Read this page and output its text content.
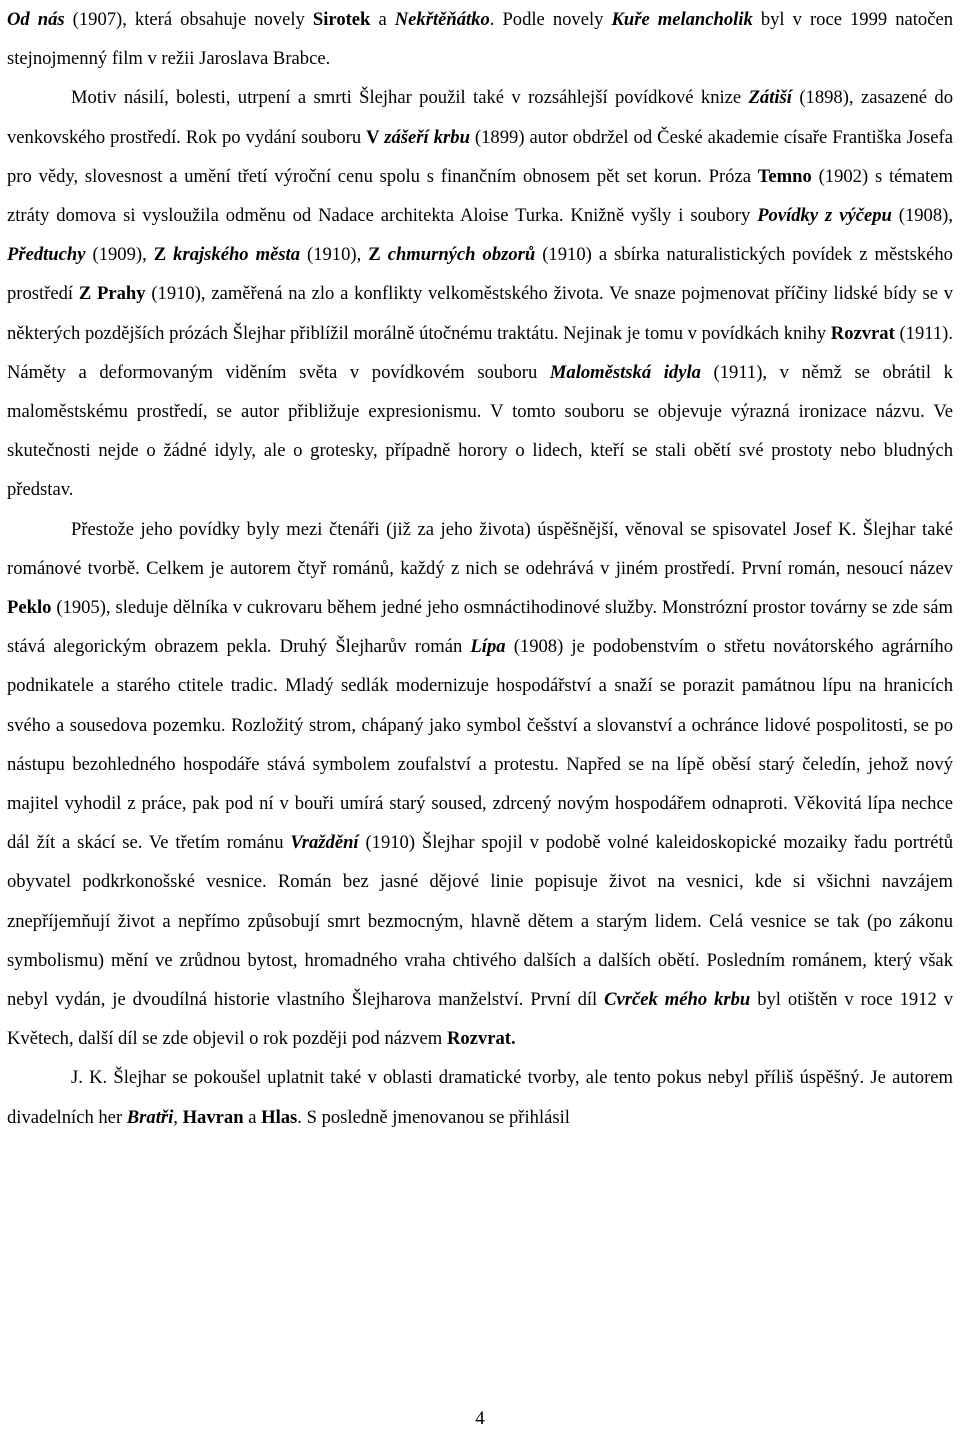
Od nás (1907), která obsahuje novely Sirotek a Nekřtěňátko. Podle novely Kuře melancholik byl v roce 1999 natočen stejnojmenný film v režii Jaroslava Brabce.

Motiv násilí, bolesti, utrpení a smrti Šlejhar použil také v rozsáhlejší povídkové knize Zátiší (1898), zasazené do venkovského prostředí. Rok po vydání souboru V zášeří krbu (1899) autor obdržel od České akademie císaře Františka Josefa pro vědy, slovesnost a umění třetí výroční cenu spolu s finančním obnosem pět set korun. Próza Temno (1902) s tématem ztráty domova si vysloužila odměnu od Nadace architekta Aloise Turka. Knižně vyšly i soubory Povídky z výčepu (1908), Předtuchy (1909), Z krajského města (1910), Z chmurných obzorů (1910) a sbírka naturalistických povídek z městského prostředí Z Prahy (1910), zaměřená na zlo a konflikty velkoměstského života. Ve snaze pojmenovat příčiny lidské bídy se v některých pozdějších prózách Šlejhar přiblížil morálně útočnému traktátu. Nejinak je tomu v povídkách knihy Rozvrat (1911). Náměty a deformovaným viděním světa v povídkovém souboru Maloměstská idyla (1911), v němž se obrátil k maloměstskému prostředí, se autor přibližuje expresionismu. V tomto souboru se objevuje výrazná ironizace názvu. Ve skutečnosti nejde o žádné idyly, ale o grotesky, případně horory o lidech, kteří se stali obětí své prostoty nebo bludných představ.

Přestože jeho povídky byly mezi čtenáři (již za jeho života) úspěšnější, věnoval se spisovatel Josef K. Šlejhar také románové tvorbě. Celkem je autorem čtyř románů, každý z nich se odehrává v jiném prostředí. První román, nesoucí název Peklo (1905), sleduje dělníka v cukrovaru během jedné jeho osmnáctihodinové služby. Monstrózní prostor továrny se zde sám stává alegorickým obrazem pekla. Druhý Šlejharův román Lípa (1908) je podobenstvím o střetu novátorského agrárního podnikatele a starého ctitele tradic. Mladý sedlák modernizuje hospodářství a snaží se porazit památnou lípu na hranicích svého a sousedova pozemku. Rozložitý strom, chápaný jako symbol češství a slovanství a ochránce lidové pospolitosti, se po nástupu bezohledného hospodáře stává symbolem zoufalství a protestu. Napřed se na lípě oběsí starý čeledín, jehož nový majitel vyhodil z práce, pak pod ní v bouři umírá starý soused, zdrcený novým hospodářem odnaproti. Věkovitá lípa nechce dál žít a skácí se. Ve třetím románu Vraždění (1910) Šlejhar spojil v podobě volné kaleidoskopické mozaiky řadu portrétů obyvatel podkrkonošské vesnice. Román bez jasné dějové linie popisuje život na vesnici, kde si všichni navzájem znepříjemňují život a nepřímo způsobují smrt bezmocným, hlavně dětem a starým lidem. Celá vesnice se tak (po zákonu symbolismu) mění ve zrůdnou bytost, hromadného vraha chtivého dalších a dalších obětí. Posledním románem, který však nebyl vydán, je dvoudílná historie vlastního Šlejharova manželství. První díl Cvrček mého krbu byl otištěn v roce 1912 v Květech, další díl se zde objevil o rok později pod názvem Rozvrat.

J. K. Šlejhar se pokoušel uplatnit také v oblasti dramatické tvorby, ale tento pokus nebyl příliš úspěšný. Je autorem divadelních her Bratři, Havran a Hlas. S posledně jmenovanou se přihlásil

4
